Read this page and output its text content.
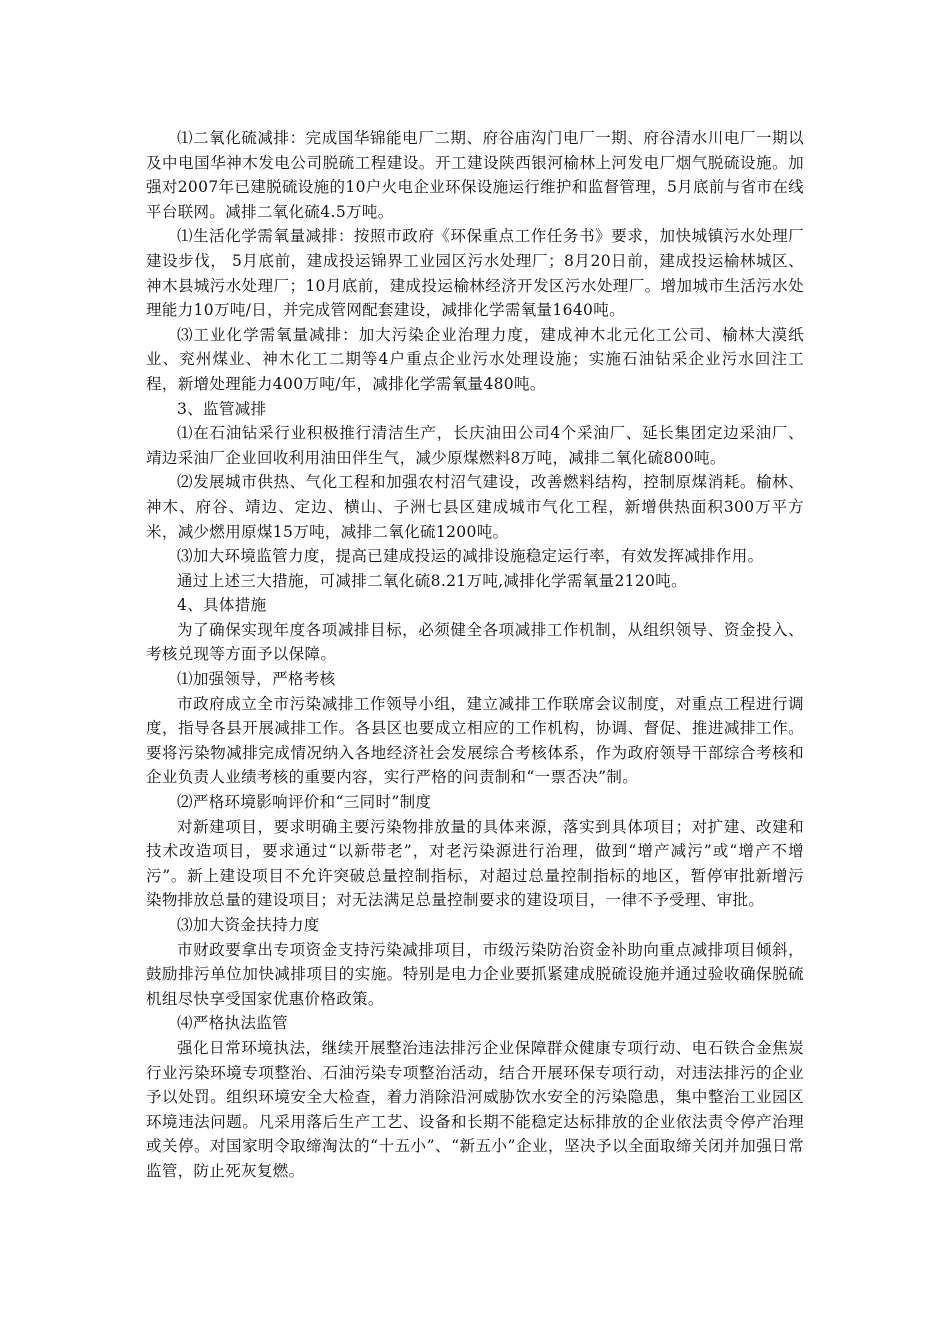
⑴二氧化硫减排：完成国华锦能电厂二期、府谷庙沟门电厂一期、府谷清水川电厂一期以及中电国华神木发电公司脱硫工程建设。开工建设陕西银河榆林上河发电厂烟气脱硫设施。加强对2007年已建脱硫设施的10户火电企业环保设施运行维护和监督管理，5月底前与省市在线平台联网。减排二氧化硫4.5万吨。

⑴生活化学需氧量减排：按照市政府《环保重点工作任务书》要求，加快城镇污水处理厂建设步伐， 5月底前，建成投运锦界工业园区污水处理厂；8月20日前，建成投运榆林城区、神木县城污水处理厂；10月底前，建成投运榆林经济开发区污水处理厂。增加城市生活污水处理能力10万吨/日，并完成管网配套建设，减排化学需氧量1640吨。

⑶工业化学需氧量减排：加大污染企业治理力度，建成神木北元化工公司、榆林大漠纸业、兖州煤业、神木化工二期等4户重点企业污水处理设施；实施石油钻采企业污水回注工程，新增处理能力400万吨/年，减排化学需氧量480吨。

3、监管减排

⑴在石油钻采行业积极推行清洁生产，长庆油田公司4个采油厂、延长集团定边采油厂、靖边采油厂企业回收利用油田伴生气，减少原煤燃料8万吨，减排二氧化硫800吨。

⑵发展城市供热、气化工程和加强农村沼气建设，改善燃料结构，控制原煤消耗。榆林、神木、府谷、靖边、定边、横山、子洲七县区建成城市气化工程，新增供热面积300万平方米，减少燃用原煤15万吨，减排二氧化硫1200吨。

⑶加大环境监管力度，提高已建成投运的减排设施稳定运行率，有效发挥减排作用。

通过上述三大措施，可减排二氧化硫8.21万吨,减排化学需氧量2120吨。

4、具体措施

为了确保实现年度各项减排目标，必须健全各项减排工作机制，从组织领导、资金投入、考核兑现等方面予以保障。

⑴加强领导，严格考核

市政府成立全市污染减排工作领导小组，建立减排工作联席会议制度，对重点工程进行调度，指导各县开展减排工作。各县区也要成立相应的工作机构，协调、督促、推进减排工作。要将污染物减排完成情况纳入各地经济社会发展综合考核体系，作为政府领导干部综合考核和企业负责人业绩考核的重要内容，实行严格的问责制和“一票否决”制。

⑵严格环境影响评价和“三同时”制度

对新建项目，要求明确主要污染物排放量的具体来源，落实到具体项目；对扩建、改建和技术改造项目，要求通过“以新带老”，对老污染源进行治理，做到“增产减污”或“增产不增污”。新上建设项目不允许突破总量控制指标，对超过总量控制指标的地区，暂停审批新增污染物排放总量的建设项目；对无法满足总量控制要求的建设项目，一律不予受理、审批。

⑶加大资金扶持力度

市财政要拿出专项资金支持污染减排项目，市级污染防治资金补助向重点减排项目倾斜，鼓励排污单位加快减排项目的实施。特别是电力企业要抓紧建成脱硫设施并通过验收确保脱硫机组尽快享受国家优惠价格政策。

⑷严格执法监管

强化日常环境执法，继续开展整治违法排污企业保障群众健康专项行动、电石铁合金焦炭行业污染环境专项整治、石油污染专项整治活动，结合开展环保专项行动，对违法排污的企业予以处罚。组织环境安全大检查，着力消除沿河威胁饮水安全的污染隐患，集中整治工业园区环境违法问题。凡采用落后生产工艺、设备和长期不能稳定达标排放的企业依法责令停产治理或关停。对国家明令取缔淘汰的“十五小”、“新五小”企业，坚决予以全面取缔关闭并加强日常监管，防止死灰复燃。
